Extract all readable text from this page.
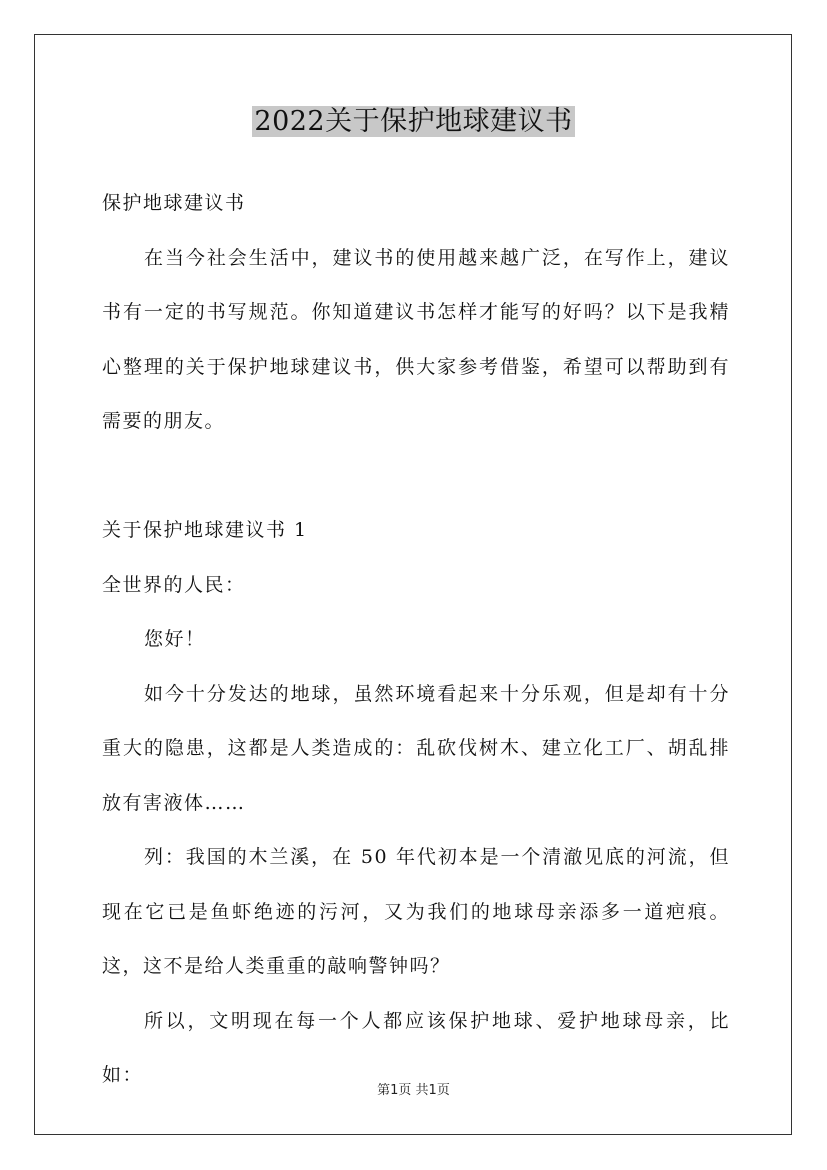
2022关于保护地球建议书

保护地球建议书

在当今社会生活中，建议书的使用越来越广泛，在写作上，建议书有一定的书写规范。你知道建议书怎样才能写的好吗？以下是我精心整理的关于保护地球建议书，供大家参考借鉴，希望可以帮助到有需要的朋友。

关于保护地球建议书 1

全世界的人民：

您好！

如今十分发达的地球，虽然环境看起来十分乐观，但是却有十分重大的隐患，这都是人类造成的：乱砍伐树木、建立化工厂、胡乱排放有害液体……

列：我国的木兰溪，在 50 年代初本是一个清澈见底的河流，但现在它已是鱼虾绝迹的污河，又为我们的地球母亲添多一道疤痕。这，这不是给人类重重的敲响警钟吗？

所以，文明现在每一个人都应该保护地球、爱护地球母亲，比如：

第1页 共1页
